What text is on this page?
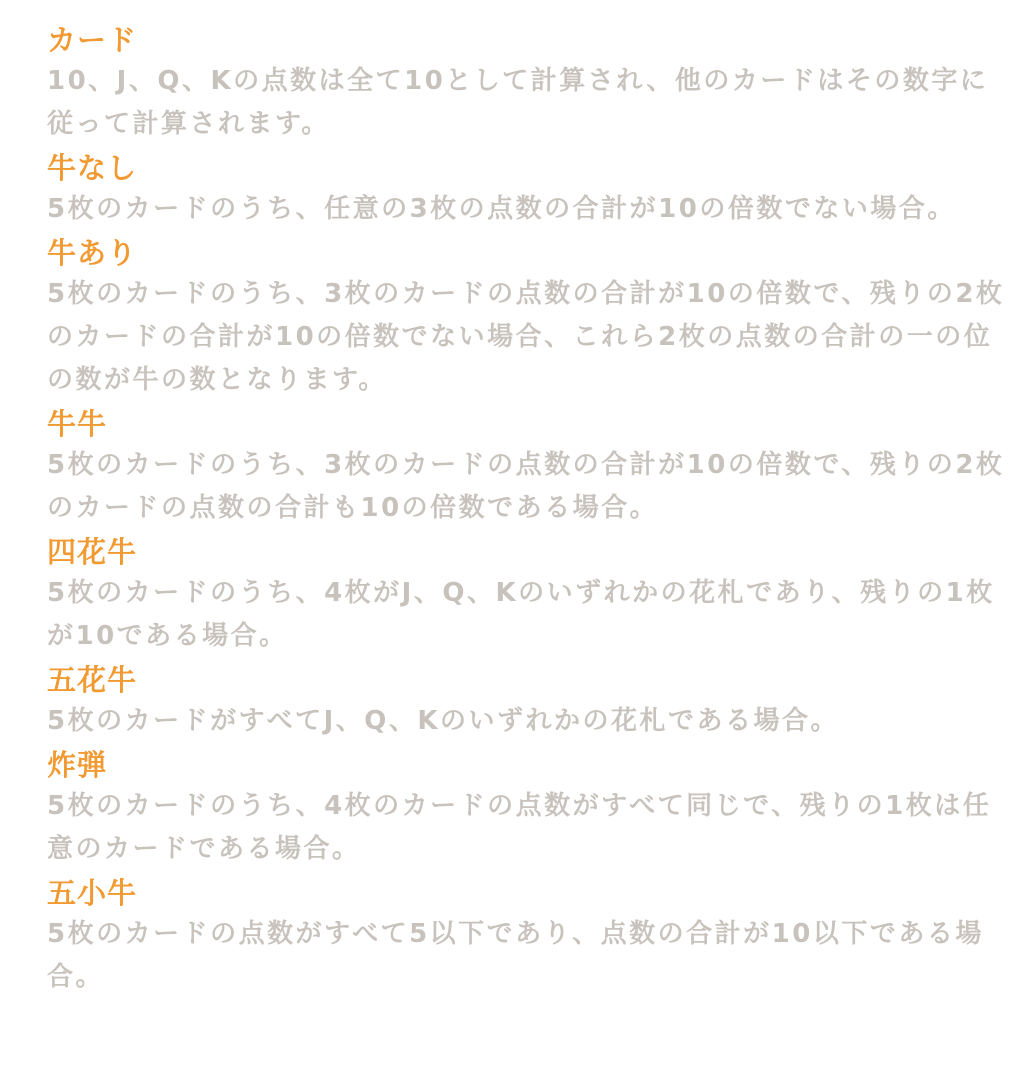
カード
10、J、Q、Kの点数は全て10として計算され、他のカードはその数字に従って計算されます。
牛なし
5枚のカードのうち、任意の3枚の点数の合計が10の倍数でない場合。
牛あり
5枚のカードのうち、3枚のカードの点数の合計が10の倍数で、残りの2枚のカードの合計が10の倍数でない場合、これら2枚の点数の合計の一の位の数が牛の数となります。
牛牛
5枚のカードのうち、3枚のカードの点数の合計が10の倍数で、残りの2枚のカードの点数の合計も10の倍数である場合。
四花牛
5枚のカードのうち、4枚がJ、Q、Kのいずれかの花札であり、残りの1枚が10である場合。
五花牛
5枚のカードがすべてJ、Q、Kのいずれかの花札である場合。
炸弾
5枚のカードのうち、4枚のカードの点数がすべて同じで、残りの1枚は任意のカードである場合。
五小牛
5枚のカードの点数がすべて5以下であり、点数の合計が10以下である場合。
